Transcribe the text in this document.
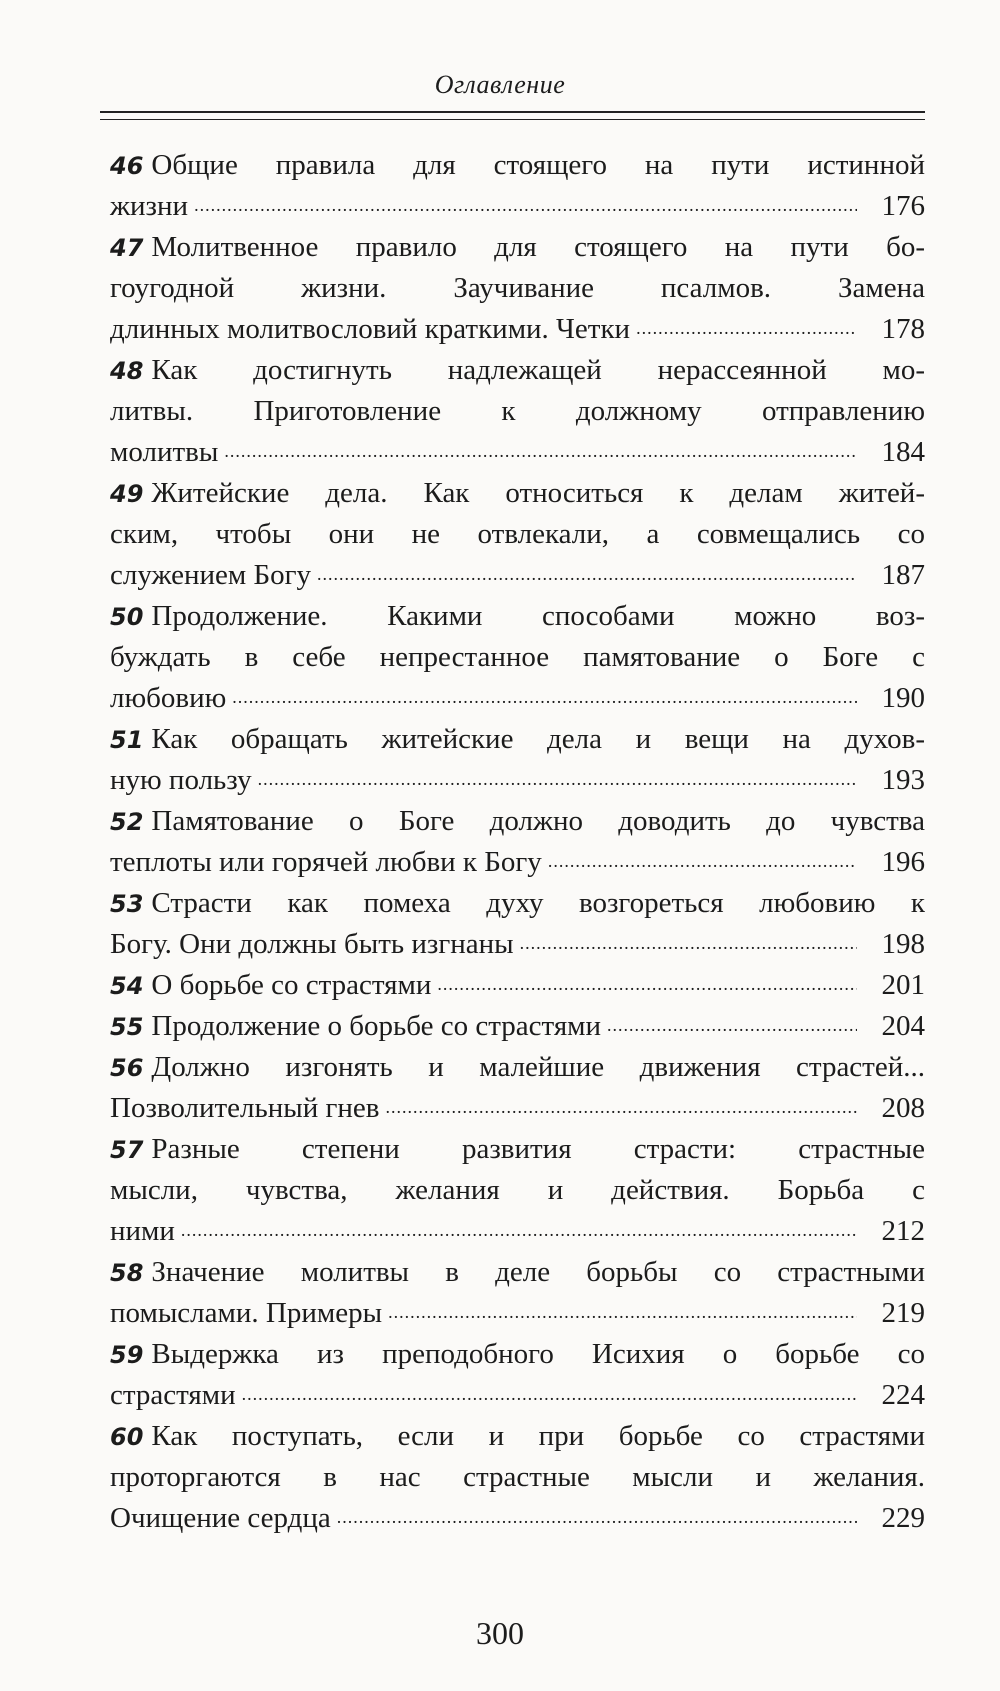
Оглавление
46 Общие правила для стоящего на пути истинной
жизни .....	176
47 Молитвенное правило для стоящего на пути бо-
гоугодной жизни. Заучивание псалмов. Замена
длинных молитвословий краткими. Четки .....	178
48 Как достигнуть надлежащей нерассеянной мо-
литвы. Приготовление к должному отправлению
молитвы .....	184
49 Житейские дела. Как относиться к делам житей-
ским, чтобы они не отвлекали, а совмещались со
служением Богу .....	187
50 Продолжение. Какими способами можно воз-
буждать в себе непрестанное памятование о Боге с
любовию .....	190
51 Как обращать житейские дела и вещи на духов-
ную пользу .....	193
52 Памятование о Боге должно доводить до чувства
теплоты или горячей любви к Богу .....	196
53 Страсти как помеха духу возгореться любовию к
Богу. Они должны быть изгнаны .....	198
54 О борьбе со страстями .....	201
55 Продолжение о борьбе со страстями .....	204
56 Должно изгонять и малейшие движения страстей...
Позволительный гнев .....	208
57 Разные степени развития страсти: страстные
мысли, чувства, желания и действия. Борьба с
ними .....	212
58 Значение молитвы в деле борьбы со страстными
помыслами. Примеры .....	219
59 Выдержка из преподобного Исихия о борьбе со
страстями .....	224
60 Как поступать, если и при борьбе со страстями
проторгаются в нас страстные мысли и желания.
Очищение сердца .....	229
300
